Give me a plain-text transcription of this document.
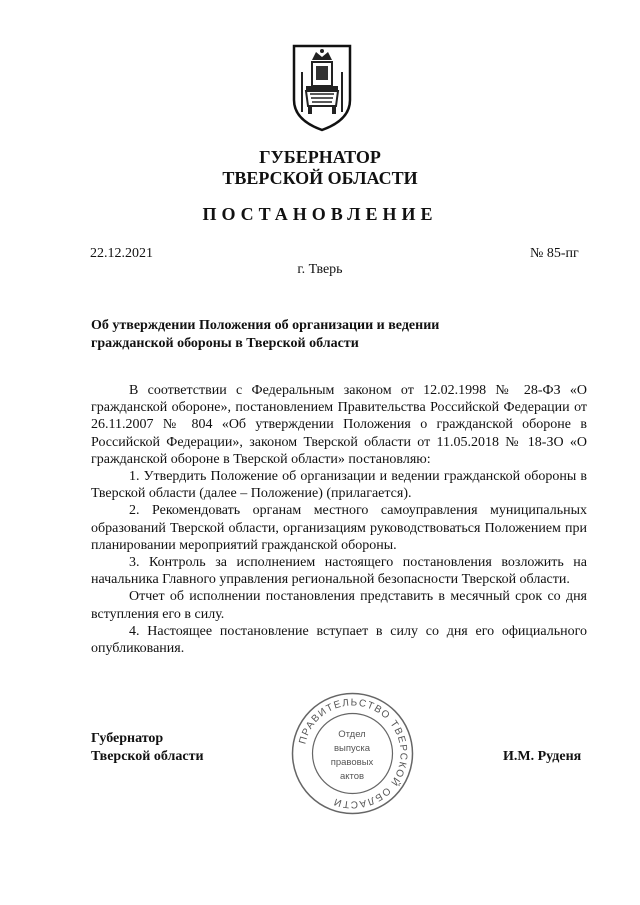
ГУБЕРНАТОР
ТВЕРСКОЙ ОБЛАСТИ
ПОСТАНОВЛЕНИЕ
22.12.2021	№ 85-пг
г. Тверь
Об утверждении Положения об организации и ведении
гражданской обороны в Тверской области

В соответствии с Федеральным законом от 12.02.1998 № 28-ФЗ «О гражданской обороне», постановлением Правительства Российской Федерации от 26.11.2007 № 804 «Об утверждении Положения о гражданской обороне в Российской Федерации», законом Тверской области от 11.05.2018 № 18-ЗО «О гражданской обороне в Тверской области» постановляю:

1. Утвердить Положение об организации и ведении гражданской обороны в Тверской области (далее – Положение) (прилагается).

2. Рекомендовать органам местного самоуправления муниципальных образований Тверской области, организациям руководствоваться Положением при планировании мероприятий гражданской обороны.

3. Контроль за исполнением настоящего постановления возложить на начальника Главного управления региональной безопасности Тверской области.

Отчет об исполнении постановления представить в месячный срок со дня вступления его в силу.

4. Настоящее постановление вступает в силу со дня его официального опубликования.

Губернатор
Тверской области	И.М. Руденя
ПРАВИТЕЛЬСТВО ТВЕРСКОЙ ОБЛАСТИ
Отдел
выпуска
правовых
актов
